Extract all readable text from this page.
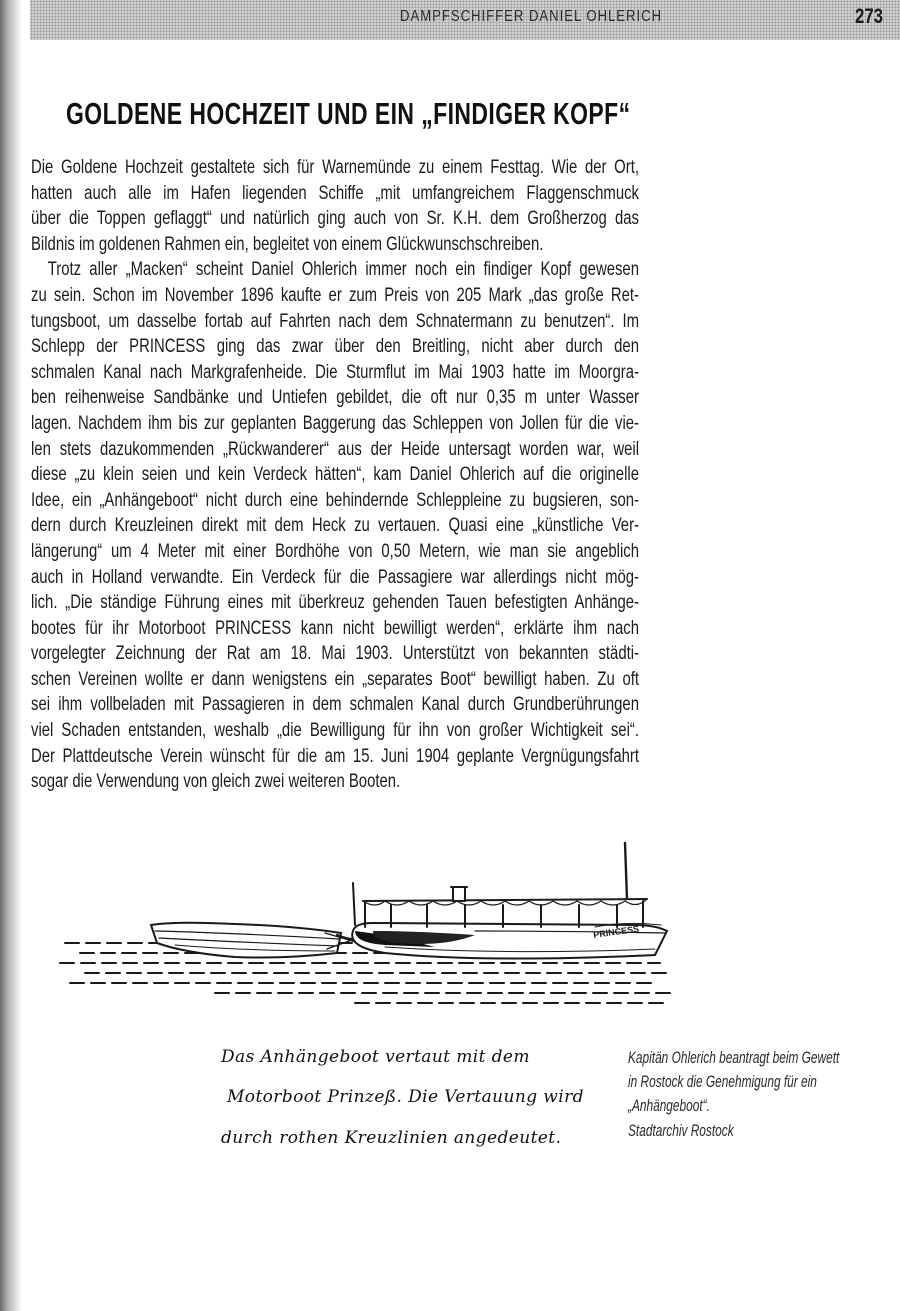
DAMPFSCHIFFER DANIEL OHLERICH	273
GOLDENE HOCHZEIT UND EIN „FINDIGER KOPF“
Die Goldene Hochzeit gestaltete sich für Warnemünde zu einem Festtag. Wie der Ort,
hatten auch alle im Hafen liegenden Schiffe „mit umfangreichem Flaggenschmuck
über die Toppen geflaggt“ und natürlich ging auch von Sr. K.H. dem Großherzog das
Bildnis im goldenen Rahmen ein, begleitet von einem Glückwunschschreiben.
Trotz aller „Macken“ scheint Daniel Ohlerich immer noch ein findiger Kopf gewesen
zu sein. Schon im November 1896 kaufte er zum Preis von 205 Mark „das große Ret-
tungsboot, um dasselbe fortab auf Fahrten nach dem Schnatermann zu benutzen“. Im
Schlepp der PRINCESS ging das zwar über den Breitling, nicht aber durch den
schmalen Kanal nach Markgrafenheide. Die Sturmflut im Mai 1903 hatte im Moorgra-
ben reihenweise Sandbänke und Untiefen gebildet, die oft nur 0,35 m unter Wasser
lagen. Nachdem ihm bis zur geplanten Baggerung das Schleppen von Jollen für die vie-
len stets dazukommenden „Rückwanderer“ aus der Heide untersagt worden war, weil
diese „zu klein seien und kein Verdeck hätten“, kam Daniel Ohlerich auf die originelle
Idee, ein „Anhängeboot“ nicht durch eine behindernde Schleppleine zu bugsieren, son-
dern durch Kreuzleinen direkt mit dem Heck zu vertauen. Quasi eine „künstliche Ver-
längerung“ um 4 Meter mit einer Bordhöhe von 0,50 Metern, wie man sie angeblich
auch in Holland verwandte. Ein Verdeck für die Passagiere war allerdings nicht mög-
lich. „Die ständige Führung eines mit überkreuz gehenden Tauen befestigten Anhänge-
bootes für ihr Motorboot PRINCESS kann nicht bewilligt werden“, erklärte ihm nach
vorgelegter Zeichnung der Rat am 18. Mai 1903. Unterstützt von bekannten städti-
schen Vereinen wollte er dann wenigstens ein „separates Boot“ bewilligt haben. Zu oft
sei ihm vollbeladen mit Passagieren in dem schmalen Kanal durch Grundberührungen
viel Schaden entstanden, weshalb „die Bewilligung für ihn von großer Wichtigkeit sei“.
Der Plattdeutsche Verein wünscht für die am 15. Juni 1904 geplante Vergnügungsfahrt
sogar die Verwendung von gleich zwei weiteren Booten.
PRINCESS
Das Anhängeboot vertaut mit dem
Motorboot Prinzeß. Die Vertauung wird
durch rothen Kreuzlinien angedeutet.
Kapitän Ohlerich beantragt beim Gewett
in Rostock die Genehmigung für ein
„Anhängeboot“.
Stadtarchiv Rostock
